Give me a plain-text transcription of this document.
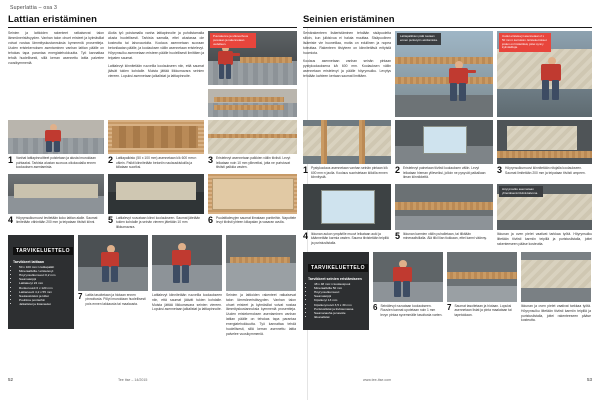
Superlattia – osa 3
Lattian eristäminen
Seinien ja lattioiden rakenteet ratkaisevat talon lämmöneristävyyden. Vanhan talon ohuet eristeet ja kylmäsillat voivat nostaa lämmityskustannuksia kymmeniä prosentteja. Uuden eristekerroksen asentaminen vanhan lattian päälle on tehokas tapa parantaa energiatehokkuutta. Työ kannattaa tehdä huolellisesti, sillä kerran asennettu lattia palvelee vuosikymmeniä.
Aloita työ poistamalla vanha lattiapinnoite ja puhdistamalla alusta huolellisesti. Tarkista samalla, ettei alustassa ole kosteutta tai lahovaurioita. Koolaus asennetaan suoraan betonilaatan päälle, ja koolauksen väliin asennetaan eristelevyt. Höyrynsulku asennetaan eristeen päälle huolellisesti limittäen ja teipaten saumat.
Lattialevyt kiinnitetään ruuveilla koolaukseen niin, että saumat jäävät tukien kohdalle. Muista jättää liikkumavara seinien viereen. Lopuksi asennetaan jalkalistat ja lattiapinnoite.
Puurakenne ja ulkoverhous puretaan ja rakennetaan uudelleen.
1 Vanhat lattiapinnoitteet poistetaan ja alusta imuroidaan puhtaaksi. Tarkista alustan suoruus oikolaudalla ennen koolauksen asentamista.
2 Lattiapalkisto (50 x 100 mm) asennetaan k/k 600 mm:n välein. Palkit kiinnitetään betoniin naulauskiskoilla ja kiilataan suoriksi.
3 Eristelevyt asennetaan palkkien väliin tiiviisti. Levyt leikataan noin 10 mm ylileveiksi, jotta ne puristuvat tiiviisti palkkia vasten.
4 Höyrynsulkumuovi levitetään koko lattian alalle. Saumat limitetään vähintään 200 mm ja teipataan tiiviisti kiinni.	5 Lattialevyt ruuvataan kiinni koolaukseen. Saumat jätetään tukien kohdalle ja seinän viereen jätetään 10 mm liikkumavara.
6 Puulattialevyjen saumat liimataan pontteihin. Naputtele levyt tiiviisti yhteen kiilapalan ja vasaran avulla.
TARVIKELUETTELO
Tarvikkeet lattiaan
• 50 x 100 mm:n lattiapalkit
• Mineraalivilla / eristelevyt
• Höyrynsulkumuovi 0,2 mm
• Saumateippi
• Lattialevyt 22 mm
• Runkoruuvit 6 x 120 mm
• Lattiaruuvit 4,2 x 55 mm
• Naulauskiskot ja kiilat
• Puuliima pontteihin
• Jalkalistat ja listanaulat
7 Lattia tasoitetaan ja hiotaan ennen pinnoitusta. Pölyt imuroidaan huolellisesti pois ennen lakkausta tai maalausta.
Lattialevyt kiinnitetään ruuveilla koolaukseen niin, että saumat jäävät tukien kohdalle. Muista jättää liikkumavara seinien viereen. Lopuksi asennetaan jalkalistat ja lattiapinnoite.
Seinien ja lattioiden rakenteet ratkaisevat talon lämmöneristävyyden. Vanhan talon ohuet eristeet ja kylmäsillat voivat nostaa lämmityskustannuksia kymmeniä prosentteja. Uuden eristekerroksen asentaminen vanhan lattian päälle on tehokas tapa parantaa energiatehokkuutta. Työ kannattaa tehdä huolellisesti, sillä kerran asennettu lattia palvelee vuosikymmeniä.
52	Tee itse – 14/2015
Seinien eristäminen
Seinärakenteen lisäeristäminen tehdään sisäpuolelta silloin, kun julkisivua ei haluta muuttaa. Sisäpuolinen lisäeriste vie huonetilaa, mutta on edullinen ja nopea toteuttaa. Rakenteen tiiviyteen on kiinnitettävä erityistä huomiota.
Koolaus asennetaan vanhan seinän pintaan pystykoolauksena k/k 600 mm. Koolauksen väliin asennetaan eristelevyt ja päälle höyrynsulku. Levytys tehdään kahteen kertaan saumat limittäen.
Lattiapalkkien päät tuetaan ennen purkutyön aloittamista.
Uudet eristelevyt asennetaan 2 x 50 mm:n kerroksin. Eristekerrokset joiden on limitettävä, jottei synny kylmäsiltoja.
1 Pystykoolaus asennetaan vanhan seinän pintaan k/k 600 mm:n jaolla. Koolaus suoristetaan kiiloilla ennen kiinnitystä.
2 Eristelevyt painetaan tiiviisti koolauksen väliin. Levyt leikataan hieman ylileveiksi, jolloin ne pysyvät paikallaan ilman kiinnikkeitä.
3 Höyrynsulkumuovi kiinnitetään nitojalla koolaukseen. Saumat limitetään 200 mm ja teipataan tiiviisti umpeen.
4 Ikkunan aukon ympärille muovi leikataan auki ja käännetään karmia vasten. Sauma tiivistetään teipillä ja puristuslistalla.
5 Ikkunan karmien väliin puhalletaan, tai tilkitään mineraalivillalla. Älä tilki liian tiukkaan, ettei karmi väänny.
Höyrynsulku asennetaan yhtenäisenä tiiviinä kalvona.
Ikkunan ja oven pielet vaativat tarkkaa työtä. Höyrynsulku liitetään tiiviisti karmiin teipillä ja puristuslistalla, jottei rakenteeseen pääse kosteutta.
TARVIKELUETTELO
Tarvikkeet seinien eristämiseen
• 48 x 48 mm:n koolauspuut
• Mineraalivilla 50 mm
• Höyrynsulkumuovi
• Saumateippi
• Kipsilevyt 13 mm
• Kipsilevyruuvit 3,5 x 30 mm
• Puristuslistat ja tiivistemassa
• Saumanauha ja tasoite
• Ikkunalistat
6 Seinälevyt ruuvataan koolaukseen. Ruuvien kannat upotetaan noin 1 mm levyn pintaa syvemmälle tasoitusta varten.
7 Saumat tasoitetaan ja hiotaan. Lopuksi asennetaan listat ja pinta maalataan tai tapetoidaan.
Ikkunan ja oven pielet vaativat tarkkaa työtä. Höyrynsulku liitetään tiiviisti karmiin teipillä ja puristuslistalla, jottei rakenteeseen pääse kosteutta.
53
www.tee-itse.com
